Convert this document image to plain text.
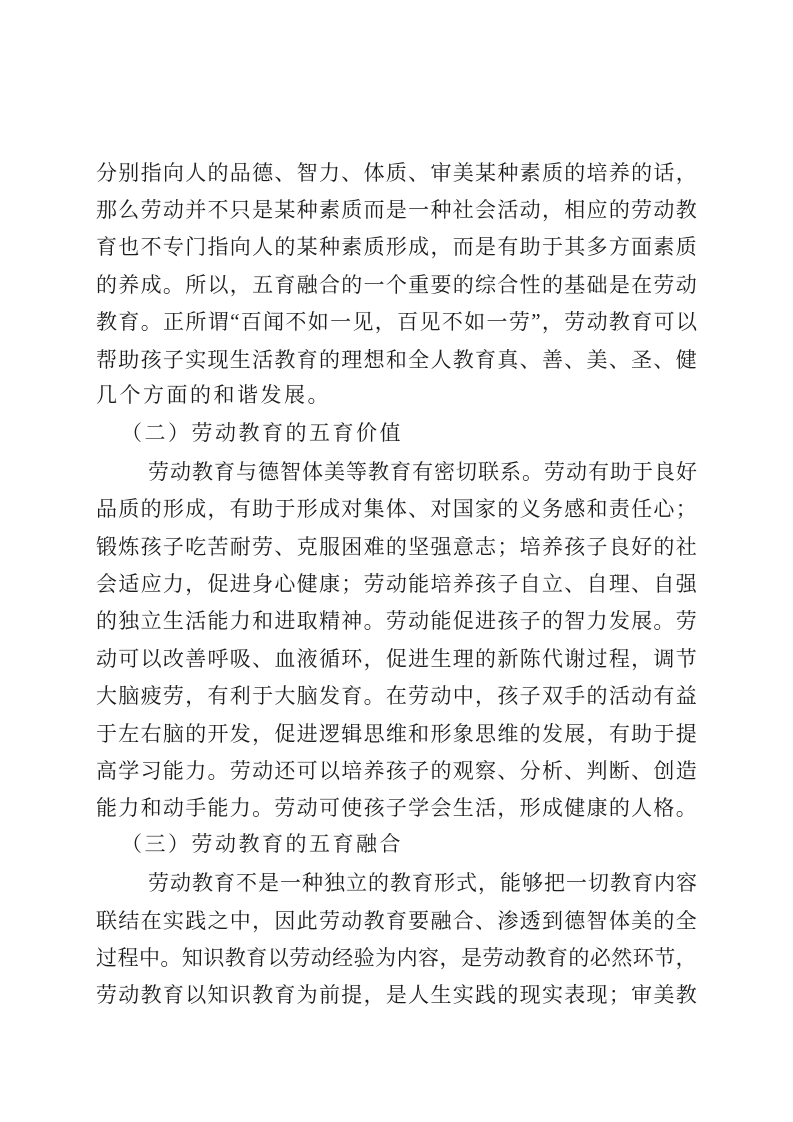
分 别 指 向 人 的 品 德 、 智 力 、 体 质 、 审 美 某 种 素 质 的 培 养 的 话 ，
那 么 劳 动 并 不 只 是 某 种 素 质 而 是 一 种 社 会 活 动 ， 相 应 的 劳 动 教
育 也 不 专 门 指 向 人 的 某 种 素 质 形 成 ， 而 是 有 助 于 其 多 方 面 素 质
的 养 成 。 所 以 ， 五 育 融 合 的 一 个 重 要 的 综 合 性 的 基 础 是 在 劳 动
教 育 。 正 所 谓 “ 百 闻 不 如 一 见 ， 百 见 不 如 一 劳 ” ， 劳 动 教 育 可 以
帮 助 孩 子 实 现 生 活 教 育 的 理 想 和 全 人 教 育 真 、 善 、 美 、 圣 、 健
几个方面的和谐发展。
（二）劳动教育的五育价值
劳 动 教 育 与 德 智 体 美 等 教 育 有 密 切 联 系 。 劳 动 有 助 于 良 好
品 质 的 形 成 ， 有 助 于 形 成 对 集 体 、 对 国 家 的 义 务 感 和 责 任 心 ；
锻 炼 孩 子 吃 苦 耐 劳 、 克 服 困 难 的 坚 强 意 志 ； 培 养 孩 子 良 好 的 社
会 适 应 力 ， 促 进 身 心 健 康 ； 劳 动 能 培 养 孩 子 自 立 、 自 理 、 自 强
的 独 立 生 活 能 力 和 进 取 精 神 。 劳 动 能 促 进 孩 子 的 智 力 发 展 。 劳
动 可 以 改 善 呼 吸 、 血 液 循 环 ， 促 进 生 理 的 新 陈 代 谢 过 程 ， 调 节
大 脑 疲 劳 ， 有 利 于 大 脑 发 育 。 在 劳 动 中 ， 孩 子 双 手 的 活 动 有 益
于 左 右 脑 的 开 发 ， 促 进 逻 辑 思 维 和 形 象 思 维 的 发 展 ， 有 助 于 提
高 学 习 能 力 。 劳 动 还 可 以 培 养 孩 子 的 观 察 、 分 析 、 判 断 、 创 造
能 力 和 动 手 能 力 。 劳 动 可 使 孩 子 学 会 生 活 ， 形 成 健 康 的 人 格 。
（三）劳动教育的五育融合
劳 动 教 育 不 是 一 种 独 立 的 教 育 形 式 ， 能 够 把 一 切 教 育 内 容
联 结 在 实 践 之 中 ， 因 此 劳 动 教 育 要 融 合 、 渗 透 到 德 智 体 美 的 全
过 程 中 。 知 识 教 育 以 劳 动 经 验 为 内 容 ， 是 劳 动 教 育 的 必 然 环 节 ，
劳 动 教 育 以 知 识 教 育 为 前 提 ， 是 人 生 实 践 的 现 实 表 现 ； 审 美 教
